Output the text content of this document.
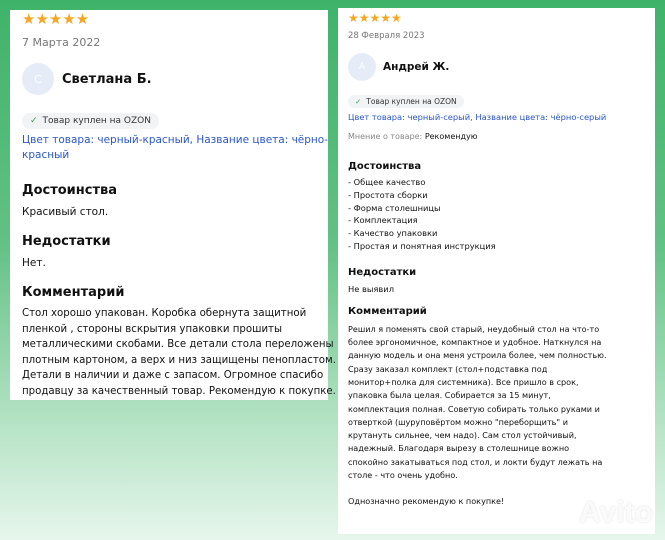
★★★★★
7 Марта 2022
С	Светлана Б.
✓ Товар куплен на OZON
Цвет товара: черный-красный, Название цвета: чёрно-
красный
Достоинства
Красивый стол.
Недостатки
Нет.
Комментарий
Стол хорошо упакован. Коробка обернута защитной
пленкой , стороны вскрытия упаковки прошиты
металлическими скобами. Все детали стола переложены
плотным картоном, а верх и низ защищены пенопластом.
Детали в наличии и даже с запасом. Огромное спасибо
продавцу за качественный товар. Рекомендую к покупке.
★★★★★
28 Февраля 2023
А	Андрей Ж.
✓ Товар куплен на OZON
Цвет товара: черный-серый, Название цвета: чёрно-серый
Мнение о товаре: Рекомендую
Достоинства
- Общее качество
- Простота сборки
- Форма столешницы
- Комплектация
- Качество упаковки
- Простая и понятная инструкция
Недостатки
Не выявил
Комментарий
Решил я поменять свой старый, неудобный стол на что-то
более эргономичное, компактное и удобное. Наткнулся на
данную модель и она меня устроила более, чем полностью.
Сразу заказал комплект (стол+подставка под
монитор+полка для системника). Все пришло в срок,
упаковка была целая. Собирается за 15 минут,
комплектация полная. Советую собирать только руками и
отверткой (шуруповёртом можно "переборщить" и
крутануть сильнее, чем надо). Сам стол устойчивый,
надежный. Благодаря вырезу в столешнице вожно
спокойно закатываться под стол, и локти будут лежать на
столе - что очень удобно.
Однозначно рекомендую к покупке!	Avito
